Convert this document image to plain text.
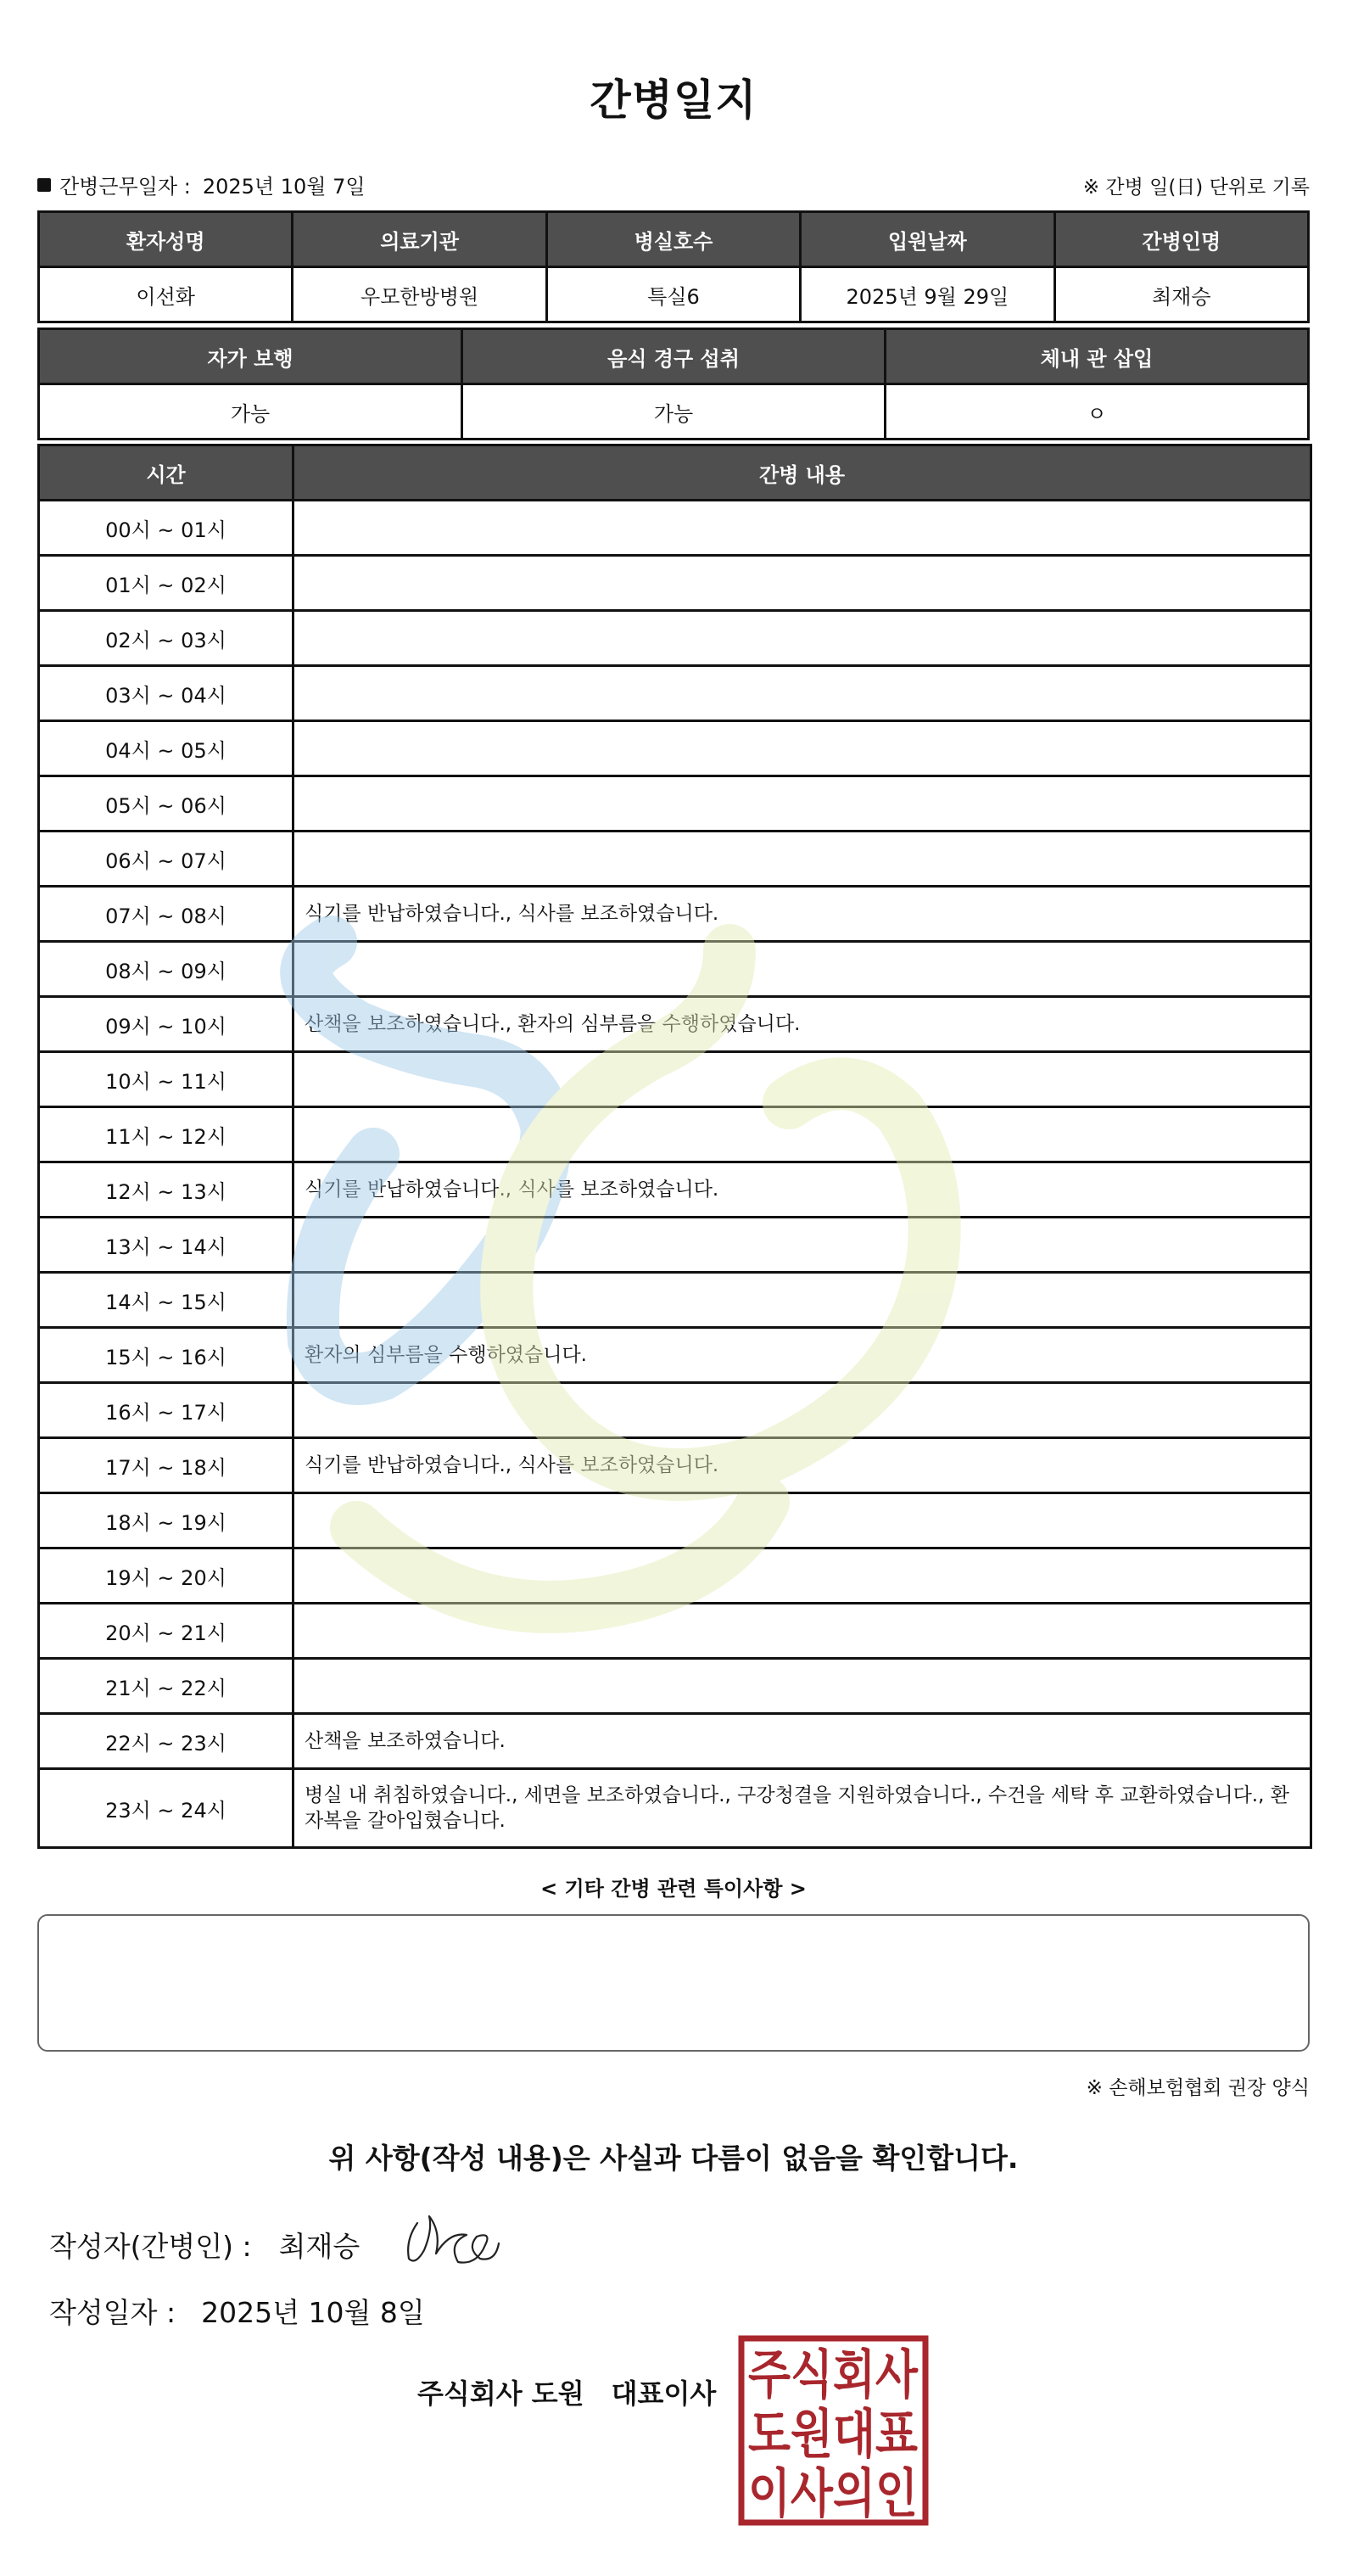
간병일지
간병근무일자 : 2025년 10월 7일	※ 간병 일(日) 단위로 기록
환자성명	의료기관	병실호수	입원날짜	간병인명
이선화	우모한방병원	특실6	2025년 9월 29일	최재승
자가 보행	음식 경구 섭취	체내 관 삽입
가능	가능	ㅇ
시간	간병 내용
00시 ~ 01시	
01시 ~ 02시	
02시 ~ 03시	
03시 ~ 04시	
04시 ~ 05시	
05시 ~ 06시	
06시 ~ 07시	
07시 ~ 08시	식기를 반납하였습니다., 식사를 보조하였습니다.
08시 ~ 09시	
09시 ~ 10시	산책을 보조하였습니다., 환자의 심부름을 수행하였습니다.
10시 ~ 11시	
11시 ~ 12시	
12시 ~ 13시	식기를 반납하였습니다., 식사를 보조하였습니다.
13시 ~ 14시	
14시 ~ 15시	
15시 ~ 16시	환자의 심부름을 수행하였습니다.
16시 ~ 17시	
17시 ~ 18시	식기를 반납하였습니다., 식사를 보조하였습니다.
18시 ~ 19시	
19시 ~ 20시	
20시 ~ 21시	
21시 ~ 22시	
22시 ~ 23시	산책을 보조하였습니다.
23시 ~ 24시	병실 내 취침하였습니다., 세면을 보조하였습니다., 구강청결을 지원하였습니다., 수건을 세탁 후 교환하였습니다., 환자복을 갈아입혔습니다.
< 기타 간병 관련 특이사항 >
※ 손해보험협회 권장 양식
위 사항(작성 내용)은 사실과 다름이 없음을 확인합니다.
작성자(간병인) : 최재승
작성일자 : 2025년 10월 8일
주식회사 도원 대표이사 주식회사
도원대표
이사의인
